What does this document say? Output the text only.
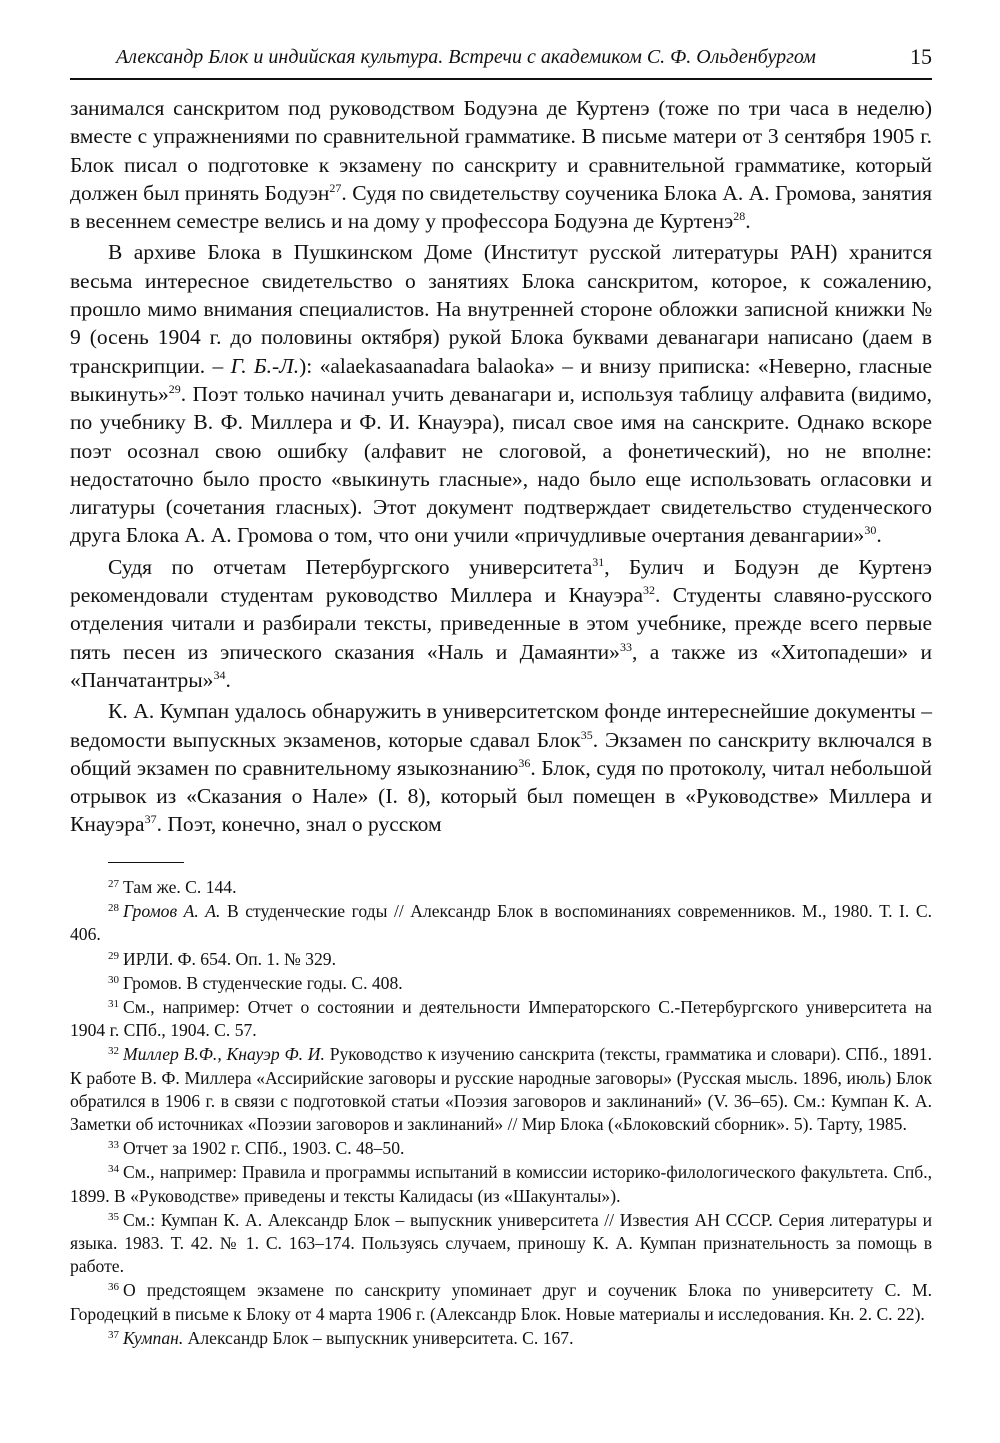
Александр Блок и индийская культура. Встречи с академиком С. Ф. Ольденбургом	15

занимался санскритом под руководством Бодуэна де Куртенэ (тоже по три часа в неделю) вместе с упражнениями по сравнительной грамматике. В письме матери от 3 сентября 1905 г. Блок писал о подготовке к экзамену по санскриту и сравнительной грамматике, который должен был принять Бодуэн$^{27}$. Судя по свидетельству соученика Блока А. А. Громова, занятия в весеннем семестре велись и на дому у профессора Бодуэна де Куртенэ$^{28}$.

В архиве Блока в Пушкинском Доме (Институт русской литературы РАН) хранится весьма интересное свидетельство о занятиях Блока санскритом, которое, к сожалению, прошло мимо внимания специалистов. На внутренней стороне обложки записной книжки № 9 (осень 1904 г. до половины октября) рукой Блока буквами деванагари написано (даем в транскрипции. – Г. Б.-Л.): «alaekasaanadara balaoka» – и внизу приписка: «Неверно, гласные выкинуть»$^{29}$. Поэт только начинал учить деванагари и, используя таблицу алфавита (видимо, по учебнику В. Ф. Миллера и Ф. И. Кнауэра), писал свое имя на санскрите. Однако вскоре поэт осознал свою ошибку (алфавит не слоговой, а фонетический), но не вполне: недостаточно было просто «выкинуть гласные», надо было еще использовать огласовки и лигатуры (сочетания гласных). Этот документ подтверждает свидетельство студенческого друга Блока А. А. Громова о том, что они учили «причудливые очертания девангарии»$^{30}$.

Судя по отчетам Петербургского университета$^{31}$, Булич и Бодуэн де Куртенэ рекомендовали студентам руководство Миллера и Кнауэра$^{32}$. Студенты славяно-русского отделения читали и разбирали тексты, приведенные в этом учебнике, прежде всего первые пять песен из эпического сказания «Наль и Дамаянти»$^{33}$, а также из «Хитопадеши» и «Панчатантры»$^{34}$.

К. А. Кумпан удалось обнаружить в университетском фонде интереснейшие документы – ведомости выпускных экзаменов, которые сдавал Блок$^{35}$. Экзамен по санскриту включался в общий экзамен по сравнительному языкознанию$^{36}$. Блок, судя по протоколу, читал небольшой отрывок из «Сказания о Нале» (I. 8), который был помещен в «Руководстве» Миллера и Кнауэра$^{37}$. Поэт, конечно, знал о русском

$^{27}$ Там же. С. 144.

$^{28}$ Громов А. А. В студенческие годы // Александр Блок в воспоминаниях современников. М., 1980. Т. I. С. 406.

$^{29}$ ИРЛИ. Ф. 654. Оп. 1. № 329.

$^{30}$ Громов. В студенческие годы. С. 408.

$^{31}$ См., например: Отчет о состоянии и деятельности Императорского С.-Петербургского университета на 1904 г. СПб., 1904. С. 57.

$^{32}$ Миллер В.Ф., Кнауэр Ф. И. Руководство к изучению санскрита (тексты, грамматика и словари). СПб., 1891. К работе В. Ф. Миллера «Ассирийские заговоры и русские народные заговоры» (Русская мысль. 1896, июль) Блок обратился в 1906 г. в связи с подготовкой статьи «Поэзия заговоров и заклинаний» (V. 36–65). См.: Кумпан К. А. Заметки об источниках «Поэзии заговоров и заклинаний» // Мир Блока («Блоковский сборник». 5). Тарту, 1985.

$^{33}$ Отчет за 1902 г. СПб., 1903. С. 48–50.

$^{34}$ См., например: Правила и программы испытаний в комиссии историко-филологического факультета. Спб., 1899. В «Руководстве» приведены и тексты Калидасы (из «Шакунталы»).

$^{35}$ См.: Кумпан К. А. Александр Блок – выпускник университета // Известия АН СССР. Серия литературы и языка. 1983. Т. 42. № 1. С. 163–174. Пользуясь случаем, приношу К. А. Кумпан признательность за помощь в работе.

$^{36}$ О предстоящем экзамене по санскриту упоминает друг и соученик Блока по университету С. М. Городецкий в письме к Блоку от 4 марта 1906 г. (Александр Блок. Новые материалы и исследования. Кн. 2. С. 22).

$^{37}$ Кумпан. Александр Блок – выпускник университета. С. 167.
